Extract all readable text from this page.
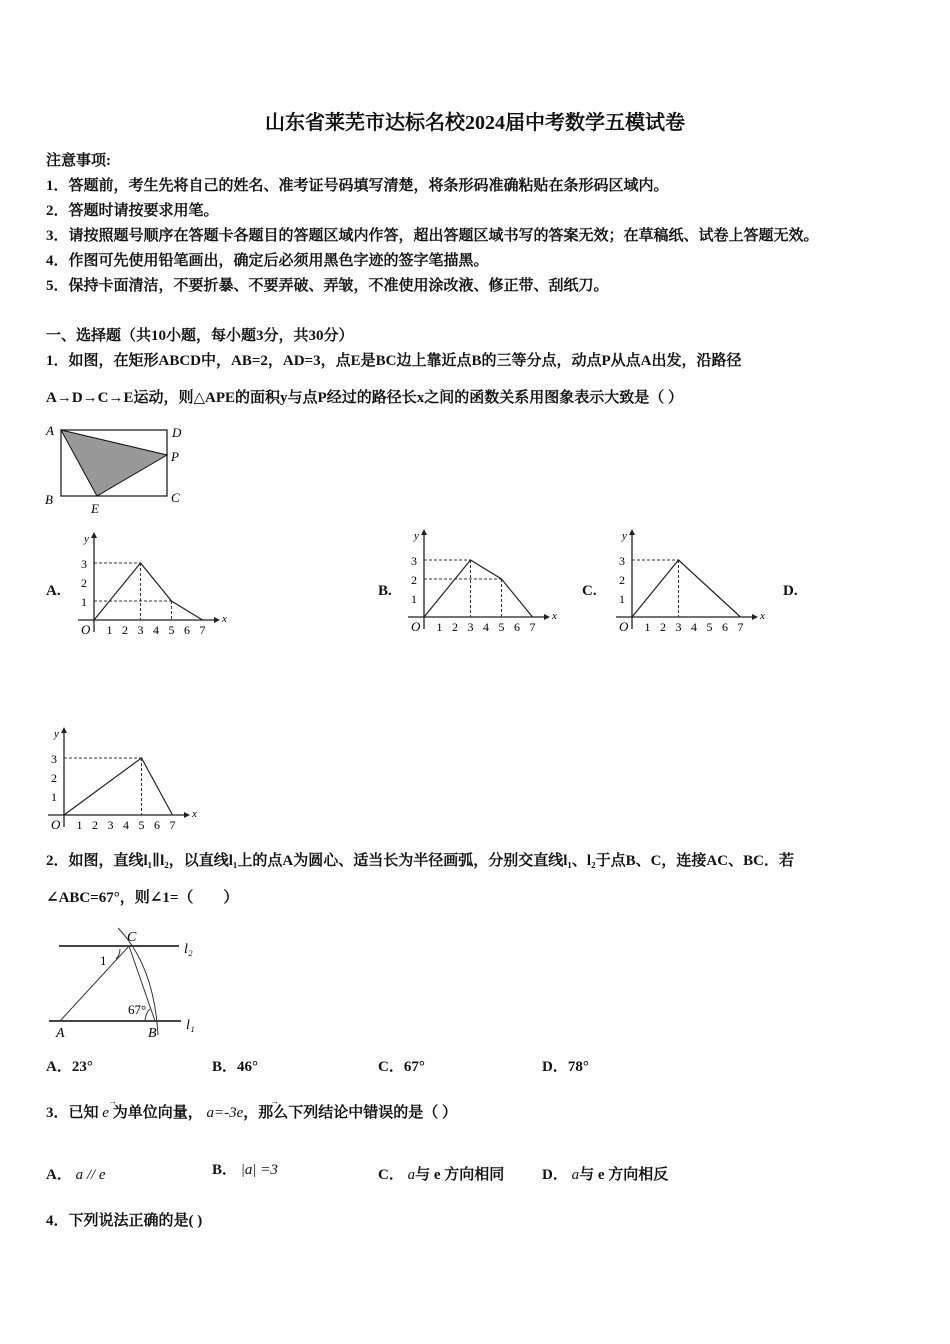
山东省莱芜市达标名校2024届中考数学五模试卷
注意事项:
1．答题前，考生先将自己的姓名、准考证号码填写清楚，将条形码准确粘贴在条形码区域内。
2．答题时请按要求用笔。
3．请按照题号顺序在答题卡各题目的答题区域内作答，超出答题区域书写的答案无效；在草稿纸、试卷上答题无效。
4．作图可先使用铅笔画出，确定后必须用黑色字迹的签字笔描黑。
5．保持卡面清洁，不要折暴、不要弄破、弄皱，不准使用涂改液、修正带、刮纸刀。
一、选择题（共10小题，每小题3分，共30分）
1．如图，在矩形ABCD中，AB=2，AD=3，点E是BC边上靠近点B的三等分点，动点P从点A出发，沿路径
A→D→C→E运动，则△APE的面积y与点P经过的路径长x之间的函数关系用图象表示大致是（ ）
A	D
P
B	C
E
A.	B.	C.	D.
x
y
O 1 2 3 4 5 6 7
1
2
3
x
y
O 1 2 3 4 5 6 7
1
2
3
x
y
O 1 2 3 4 5 6 7
1
2
3
x
y
O 1 2 3 4 5 6 7
1
2
3
2．如图，直线l₁∥l₂，以直线l₁上的点A为圆心、适当长为半径画弧，分别交直线l₁、l₂于点B、C，连接AC、BC．若
∠ABC=67°，则∠1=（　　）
C
l₂
1
67°
A	B
l₁
A．23°	B．46°	C．67°	D．78°
3．已知 e 为单位向量， a=-3e，那么下列结论中错误的是（ ）
→	→
A． a // e	B． |a| =3	C． a与 e 方向相同	D． a与 e 方向相反
4．下列说法正确的是( )
